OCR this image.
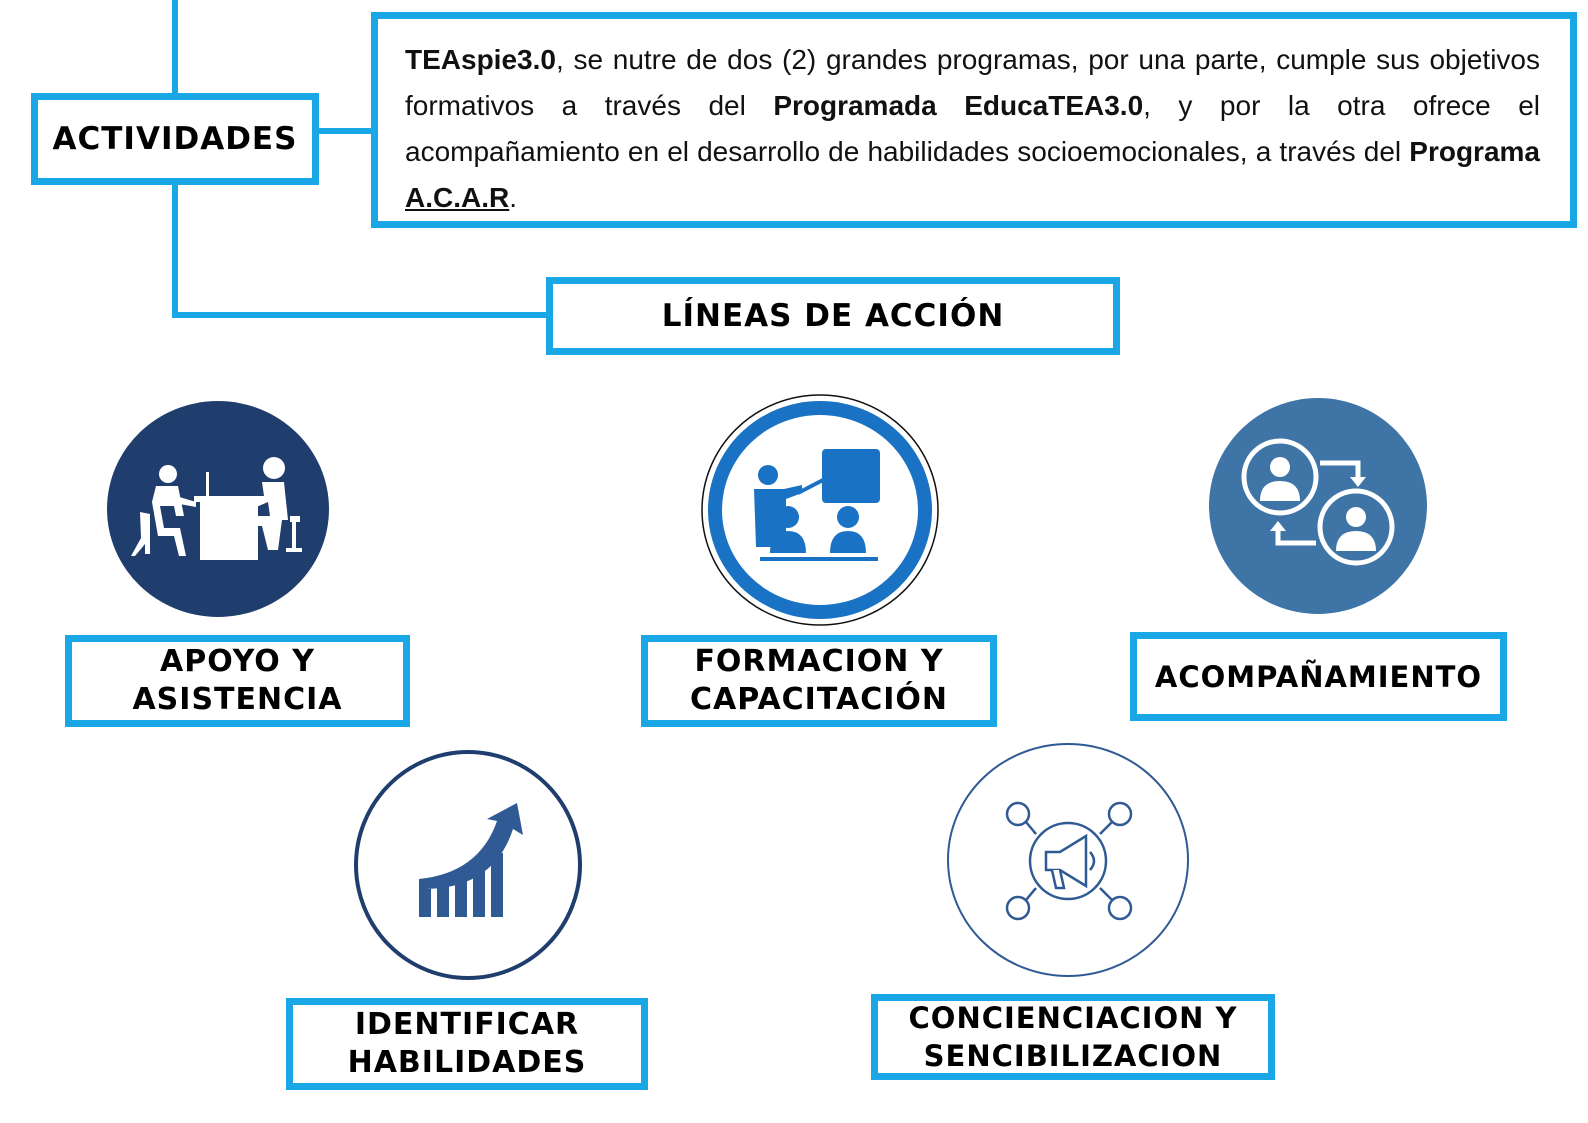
ACTIVIDADES
TEAspie3.0, se nutre de dos (2) grandes programas, por una parte, cumple sus objetivos formativos a través del Programada EducaTEA3.0, y por la otra ofrece el acompañamiento en el desarrollo de habilidades socioemocionales, a través del Programa A.C.A.R.
LÍNEAS DE ACCIÓN
APOYO Y
ASISTENCIA
FORMACION Y
CAPACITACIÓN
ACOMPAÑAMIENTO
IDENTIFICAR
HABILIDADES
CONCIENCIACION Y
SENCIBILIZACION
